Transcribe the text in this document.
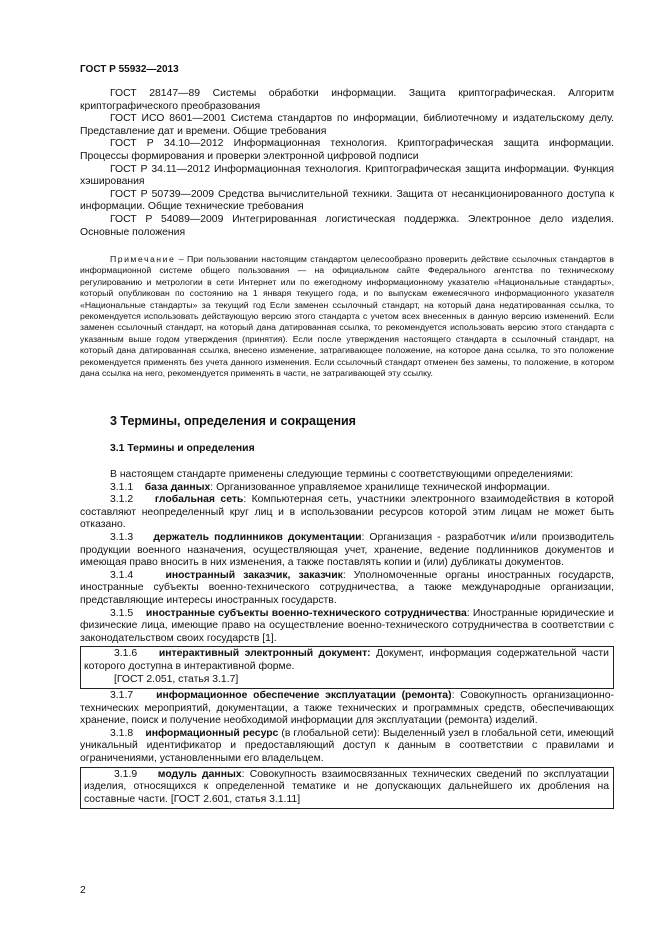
ГОСТ Р 55932—2013

ГОСТ 28147—89 Системы обработки информации. Защита криптографическая. Алгоритм криптографического преобразования

ГОСТ ИСО 8601—2001 Система стандартов по информации, библиотечному и издательскому делу. Представление дат и времени. Общие требования

ГОСТ Р 34.10—2012 Информационная технология. Криптографическая защита информации. Процессы формирования и проверки электронной цифровой подписи

ГОСТ Р 34.11—2012 Информационная технология. Криптографическая защита информации. Функция хэширования

ГОСТ Р 50739—2009 Средства вычислительной техники. Защита от несанкционированного доступа к информации. Общие технические требования

ГОСТ Р 54089—2009 Интегрированная логистическая поддержка. Электронное дело изделия. Основные положения

Примечание – При пользовании настоящим стандартом целесообразно проверить действие ссылочных стандартов в информационной системе общего пользования — на официальном сайте Федерального агентства по техническому регулированию и метрологии в сети Интернет или по ежегодному информационному указателю «Национальные стандарты», который опубликован по состоянию на 1 января текущего года, и по выпускам ежемесячного информационного указателя «Национальные стандарты» за текущий год Если заменен ссылочный стандарт, на который дана недатированная ссылка, то рекомендуется использовать действующую версию этого стандарта с учетом всех внесенных в данную версию изменений. Если заменен ссылочный стандарт, на который дана датированная ссылка, то рекомендуется использовать версию этого стандарта с указанным выше годом утверждения (принятия). Если после утверждения настоящего стандарта в ссылочный стандарт, на который дана датированная ссылка, внесено изменение, затрагивающее положение, на которое дана ссылка, то это положение рекомендуется применять без учета данного изменения. Если ссылочный стандарт отменен без замены, то положение, в котором дана ссылка на него, рекомендуется применять в части, не затрагивающей эту ссылку.

3 Термины, определения и сокращения
3.1 Термины и определения

В настоящем стандарте применены следующие термины с соответствующими определениями:

3.1.1 база данных: Организованное управляемое хранилище технической информации.

3.1.2 глобальная сеть: Компьютерная сеть, участники электронного взаимодействия в которой составляют неопределенный круг лиц и в использовании ресурсов которой этим лицам не может быть отказано.

3.1.3 держатель подлинников документации: Организация - разработчик и/или производитель продукции военного назначения, осуществляющая учет, хранение, ведение подлинников документов и имеющая право вносить в них изменения, а также поставлять копии и (или) дубликаты документов.

3.1.4	иностранный заказчик, заказчик: Уполномоченные органы иностранных государств, иностранные субъекты военно-технического сотрудничества, а также международные организации, представляющие интересы иностранных государств.

3.1.5 иностранные субъекты военно-технического сотрудничества: Иностранные юридические и физические лица, имеющие право на осуществление военно-технического сотрудничества в соответствии с законодательством своих государств [1].

3.1.6 интерактивный электронный документ: Документ, информация содержательной части которого доступна в интерактивной форме.

[ГОСТ 2.051, статья 3.1.7]

3.1.7 информационное обеспечение эксплуатации (ремонта): Совокупность организационно-технических мероприятий, документации, а также технических и программных средств, обеспечивающих хранение, поиск и получение необходимой информации для эксплуатации (ремонта) изделий.

3.1.8 информационный ресурс (в глобальной сети): Выделенный узел в глобальной сети, имеющий уникальный идентификатор и предоставляющий доступ к данным в соответствии с правилами и ограничениями, установленными его владельцем.

3.1.9 модуль данных: Совокупность взаимосвязанных технических сведений по эксплуатации изделия, относящихся к определенной тематике и не допускающих дальнейшего их дробления на составные части. [ГОСТ 2.601, статья 3.1.11]

2
